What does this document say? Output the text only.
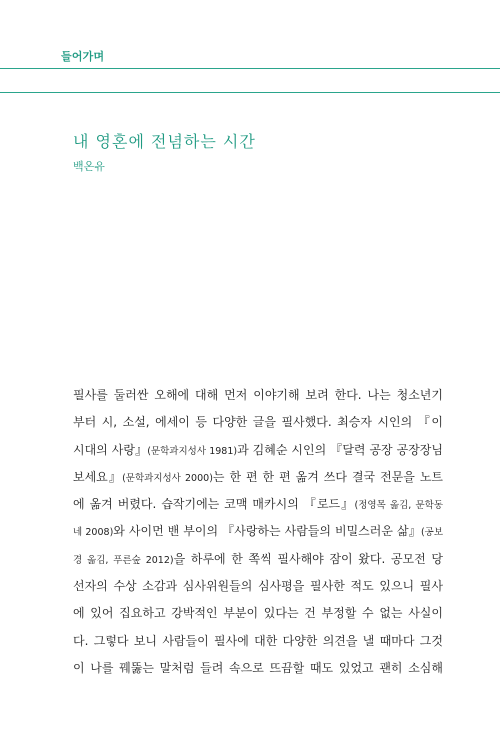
들어가며
내 영혼에 전념하는 시간
백온유
필사를 둘러싼 오해에 대해 먼저 이야기해 보려 한다. 나는 청소년기
부터 시, 소설, 에세이 등 다양한 글을 필사했다. 최승자 시인의 『이
시대의 사랑』(문학과지성사 1981)과 김혜순 시인의 『달력 공장 공장장님
보세요』(문학과지성사 2000)는 한 편 한 편 옮겨 쓰다 결국 전문을 노트
에 옮겨 버렸다. 습작기에는 코맥 매카시의 『로드』(정영목 옮김, 문학동
네 2008)와 사이먼 밴 부이의 『사랑하는 사람들의 비밀스러운 삶』(공보
경 옮김, 푸른숲 2012)을 하루에 한 쪽씩 필사해야 잠이 왔다. 공모전 당
선자의 수상 소감과 심사위원들의 심사평을 필사한 적도 있으니 필사
에 있어 집요하고 강박적인 부분이 있다는 건 부정할 수 없는 사실이
다. 그렇다 보니 사람들이 필사에 대한 다양한 의견을 낼 때마다 그것
이 나를 꿰뚫는 말처럼 들려 속으로 뜨끔할 때도 있었고 괜히 소심해
